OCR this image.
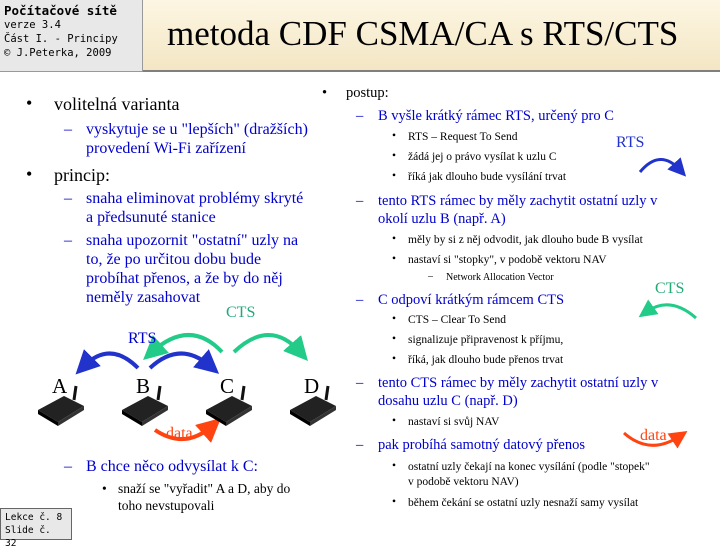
Počítačové sítě
verze 3.4
Část I. - Principy
© J.Peterka, 2009	metoda CDF CSMA/CA s RTS/CTS
• volitelná varianta
– vyskytuje se u "lepších" (dražších)
provedení Wi-Fi zařízení
• princip:
– snaha eliminovat problémy skryté
a předsunuté stanice
– snaha upozornit "ostatní" uzly na
to, že po určitou dobu bude
probíhat přenos, a že by do něj
neměly zasahovat
RTS
CTS
data
A	B	C	D
– B chce něco odvysílat k C:
• snaží se "vyřadit" A a D, aby do
toho nevstupovali
• postup:
– B vyšle krátký rámec RTS, určený pro C
• RTS – Request To Send
• žádá jej o právo vysílat k uzlu C
• říká jak dlouho bude vysílání trvat
RTS
– tento RTS rámec by měly zachytit ostatní uzly v
okolí uzlu B (např. A)
• měly by si z něj odvodit, jak dlouho bude B vysílat
• nastaví si "stopky", v podobě vektoru NAV
– Network Allocation Vector
– C odpoví krátkým rámcem CTS
• CTS – Clear To Send
• signalizuje připravenost k příjmu,
• říká, jak dlouho bude přenos trvat
CTS
– tento CTS rámec by měly zachytit ostatní uzly v
dosahu uzlu C (např. D)
• nastaví si svůj NAV
– pak probíhá samotný datový přenos
data
• ostatní uzly čekají na konec vysílání (podle "stopek"
v podobě vektoru NAV)
• během čekání se ostatní uzly nesnaží samy vysílat
Lekce č. 8
Slide č. 32
